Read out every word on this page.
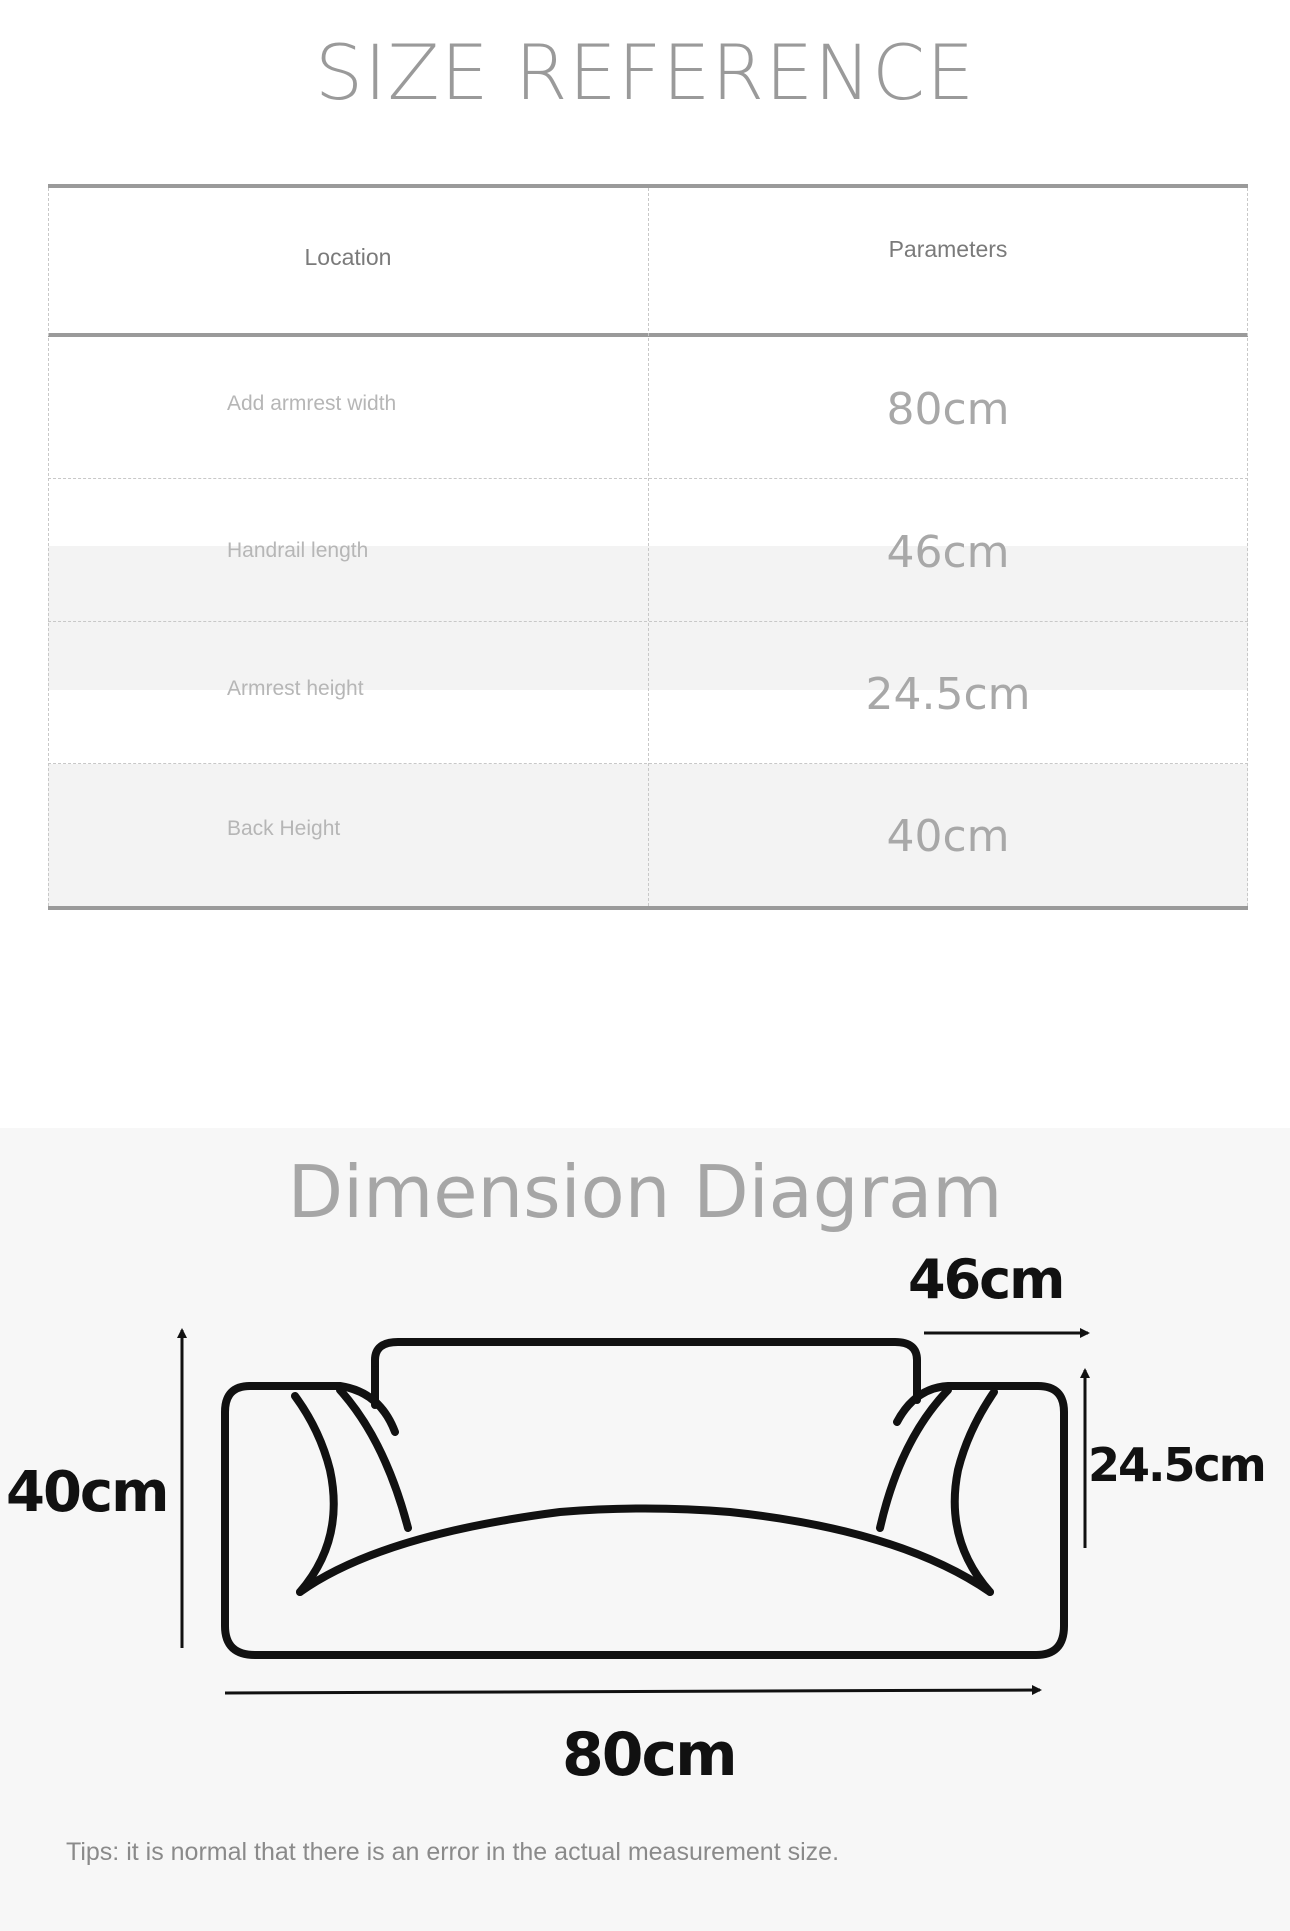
SIZE REFERENCE
Location	Parameters
Add armrest width	80cm
Handrail length	46cm
Armrest height	24.5cm
Back Height	40cm
Dimension Diagram
46cm
24.5cm
40cm
80cm
Tips: it is normal that there is an error in the actual measurement size.
